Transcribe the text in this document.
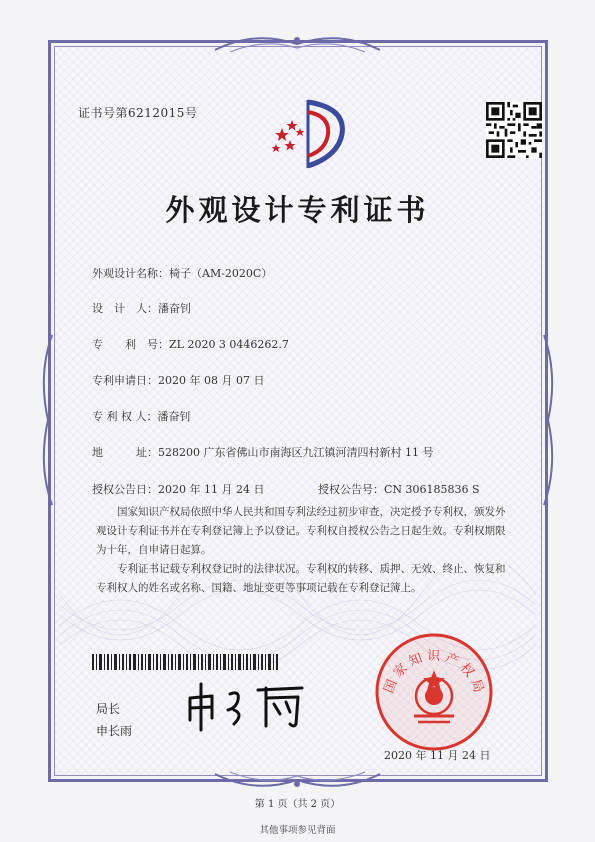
证书号第6212015号
外观设计专利证书
外观设计名称：椅子（AM-2020C）
设　计　人：潘奋钊
专　　利　号：ZL 2020 3 0446262.7
专利申请日：2020 年 08 月 07 日
专 利 权 人：潘奋钊
地　　　址：528200 广东省佛山市南海区九江镇河清四村新村 11 号
授权公告日：2020 年 11 月 24 日	授权公告号：CN 306185836 S
国家知识产权局依照中华人民共和国专利法经过初步审查，决定授予专利权，颁发外观设计专利证书并在专利登记簿上予以登记。专利权自授权公告之日起生效。专利权期限为十年，自申请日起算。
专利证书记载专利权登记时的法律状况。专利权的转移、质押、无效、终止、恢复和专利权人的姓名或名称、国籍、地址变更等事项记载在专利登记簿上。
局长
申长雨
国家知识产权局
2020 年 11 月 24 日
第 1 页（共 2 页）
其他事项参见背面
